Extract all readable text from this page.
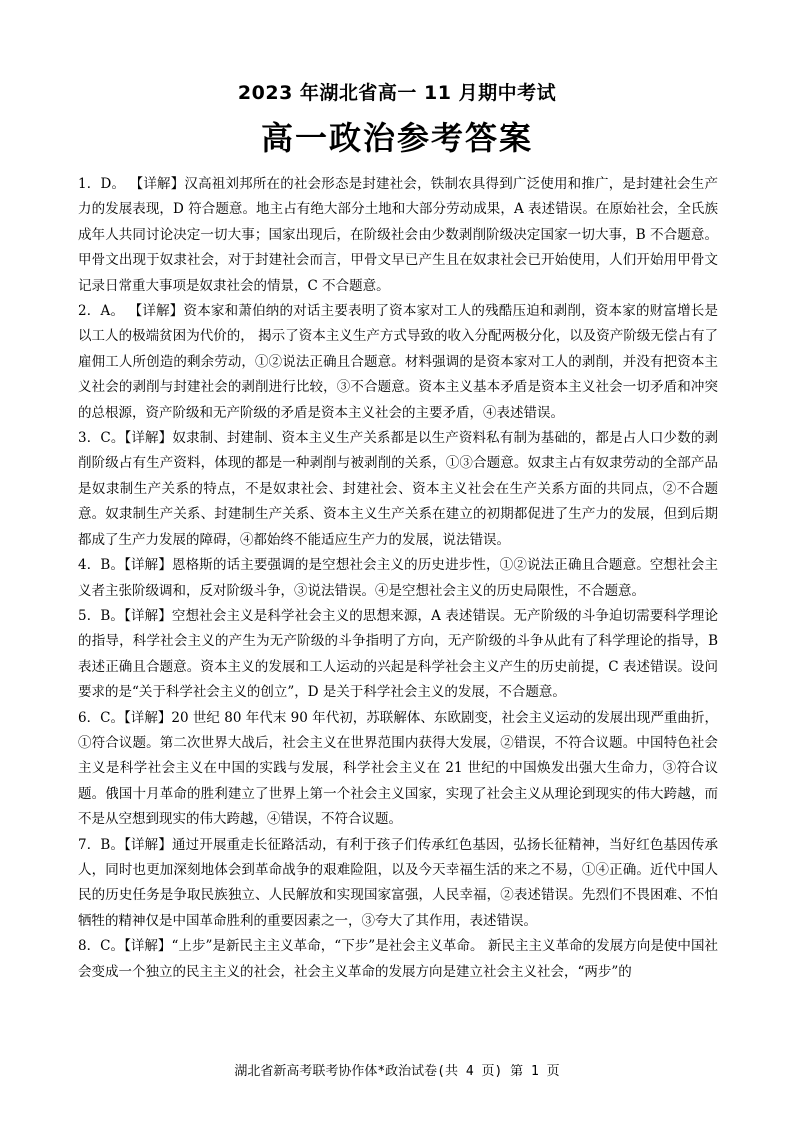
2023 年湖北省高一 11 月期中考试
高一政治参考答案

1．D。 【详解】汉高祖刘邦所在的社会形态是封建社会，铁制农具得到广泛使用和推广，是封建社会生产力的发展表现，D 符合题意。地主占有绝大部分土地和大部分劳动成果，A 表述错误。在原始社会，全氏族成年人共同讨论决定一切大事；国家出现后，在阶级社会由少数剥削阶级决定国家一切大事，B 不合题意。甲骨文出现于奴隶社会，对于封建社会而言，甲骨文早已产生且在奴隶社会已开始使用，人们开始用甲骨文记录日常重大事项是奴隶社会的情景，C 不合题意。

2．A。 【详解】资本家和萧伯纳的对话主要表明了资本家对工人的残酷压迫和剥削，资本家的财富增长是以工人的极端贫困为代价的， 揭示了资本主义生产方式导致的收入分配两极分化，以及资产阶级无偿占有了雇佣工人所创造的剩余劳动，①②说法正确且合题意。材料强调的是资本家对工人的剥削，并没有把资本主义社会的剥削与封建社会的剥削进行比较，③不合题意。资本主义基本矛盾是资本主义社会一切矛盾和冲突的总根源，资产阶级和无产阶级的矛盾是资本主义社会的主要矛盾，④表述错误。

3．C。【详解】奴隶制、封建制、资本主义生产关系都是以生产资料私有制为基础的，都是占人口少数的剥削阶级占有生产资料，体现的都是一种剥削与被剥削的关系，①③合题意。奴隶主占有奴隶劳动的全部产品是奴隶制生产关系的特点，不是奴隶社会、封建社会、资本主义社会在生产关系方面的共同点，②不合题意。奴隶制生产关系、封建制生产关系、资本主义生产关系在建立的初期都促进了生产力的发展，但到后期都成了生产力发展的障碍，④都始终不能适应生产力的发展，说法错误。

4．B。【详解】恩格斯的话主要强调的是空想社会主义的历史进步性，①②说法正确且合题意。空想社会主义者主张阶级调和，反对阶级斗争，③说法错误。④是空想社会主义的历史局限性，不合题意。

5．B。【详解】空想社会主义是科学社会主义的思想来源，A 表述错误。无产阶级的斗争迫切需要科学理论的指导，科学社会主义的产生为无产阶级的斗争指明了方向，无产阶级的斗争从此有了科学理论的指导，B 表述正确且合题意。资本主义的发展和工人运动的兴起是科学社会主义产生的历史前提，C 表述错误。设问要求的是“关于科学社会主义的创立”，D 是关于科学社会主义的发展，不合题意。

6．C。【详解】20 世纪 80 年代末 90 年代初，苏联解体、东欧剧变，社会主义运动的发展出现严重曲折，①符合议题。第二次世界大战后，社会主义在世界范围内获得大发展，②错误，不符合议题。中国特色社会主义是科学社会主义在中国的实践与发展，科学社会主义在 21 世纪的中国焕发出强大生命力，③符合议题。俄国十月革命的胜利建立了世界上第一个社会主义国家，实现了社会主义从理论到现实的伟大跨越，而不是从空想到现实的伟大跨越，④错误，不符合议题。

7．B。【详解】通过开展重走长征路活动，有利于孩子们传承红色基因，弘扬长征精神，当好红色基因传承人，同时也更加深刻地体会到革命战争的艰难险阻，以及今天幸福生活的来之不易，①④正确。近代中国人民的历史任务是争取民族独立、人民解放和实现国家富强，人民幸福，②表述错误。先烈们不畏困难、不怕牺牲的精神仅是中国革命胜利的重要因素之一，③夸大了其作用，表述错误。

8．C。【详解】“上步”是新民主主义革命，“下步”是社会主义革命。 新民主主义革命的发展方向是使中国社会变成一个独立的民主主义的社会，社会主义革命的发展方向是建立社会主义社会，“两步”的

湖北省新高考联考协作体*政治试卷(共 4 页) 第 1 页
